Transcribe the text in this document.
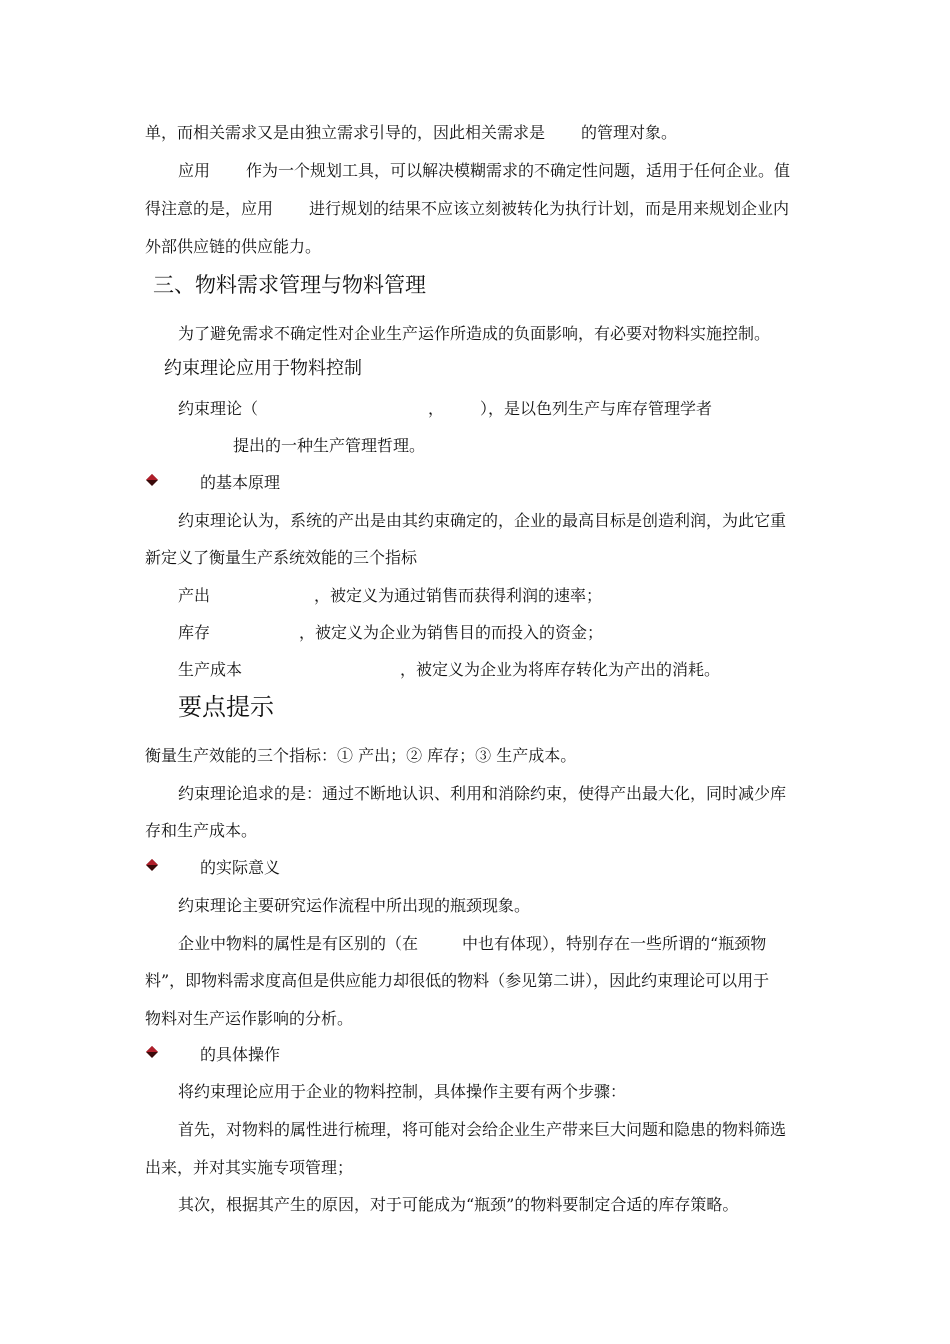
单，而相关需求又是由独立需求引导的，因此相关需求是 的管理对象。
应用 作为一个规划工具，可以解决模糊需求的不确定性问题，适用于任何企业。值
得注意的是，应用 进行规划的结果不应该立刻被转化为执行计划，而是用来规划企业内
外部供应链的供应能力。
三、物料需求管理与物料管理
为了避免需求不确定性对企业生产运作所造成的负面影响，有必要对物料实施控制。
约束理论应用于物料控制
约束理论（	， ），是以色列生产与库存管理学者
提出的一种生产管理哲理。
的基本原理
约束理论认为，系统的产出是由其约束确定的，企业的最高目标是创造利润，为此它重
新定义了衡量生产系统效能的三个指标
产出	，被定义为通过销售而获得利润的速率；
库存	，被定义为企业为销售目的而投入的资金；
生产成本	，被定义为企业为将库存转化为产出的消耗。
要点提示
衡量生产效能的三个指标：① 产出；② 库存；③ 生产成本。
约束理论追求的是：通过不断地认识、利用和消除约束，使得产出最大化，同时减少库
存和生产成本。
的实际意义
约束理论主要研究运作流程中所出现的瓶颈现象。
企业中物料的属性是有区别的（在	中也有体现），特别存在一些所谓的“瓶颈物
料”，即物料需求度高但是供应能力却很低的物料（参见第二讲），因此约束理论可以用于
物料对生产运作影响的分析。
的具体操作
将约束理论应用于企业的物料控制，具体操作主要有两个步骤：
首先，对物料的属性进行梳理，将可能对会给企业生产带来巨大问题和隐患的物料筛选
出来，并对其实施专项管理；
其次，根据其产生的原因，对于可能成为“瓶颈”的物料要制定合适的库存策略。
